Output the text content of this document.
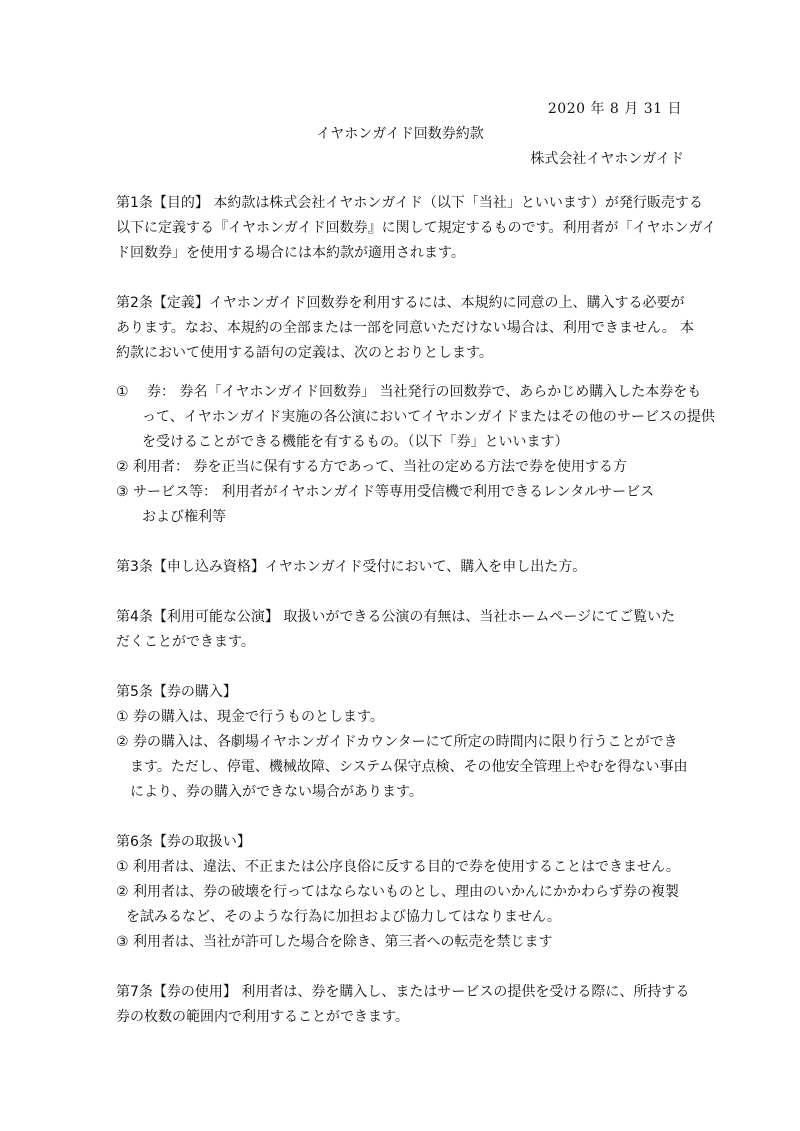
2020 年 8 月 31 日
イヤホンガイド回数券約款
株式会社イヤホンガイド
第1条【目的】 本約款は株式会社イヤホンガイド（以下「当社」といいます）が発行販売する
以下に定義する『イヤホンガイド回数券』に関して規定するものです。利用者が「イヤホンガイ
ド回数券」を使用する場合には本約款が適用されます。
第2条【定義】イヤホンガイド回数券を利用するには、本規約に同意の上、購入する必要が
あります。なお、本規約の全部または一部を同意いただけない場合は、利用できません。 本
約款において使用する語句の定義は、次のとおりとします。
①　 券： 券名「イヤホンガイド回数券」 当社発行の回数券で、あらかじめ購入した本券をも
って、イヤホンガイド実施の各公演においてイヤホンガイドまたはその他のサービスの提供
を受けることができる機能を有するもの。（以下「券」といいます）
② 利用者： 券を正当に保有する方であって、当社の定める方法で券を使用する方
③ サービス等： 利用者がイヤホンガイド等専用受信機で利用できるレンタルサービス
および権利等
第3条【申し込み資格】イヤホンガイド受付において、購入を申し出た方。
第4条【利用可能な公演】 取扱いができる公演の有無は、当社ホームページにてご覧いた
だくことができます。
第5条【券の購入】
① 券の購入は、現金で行うものとします。
② 券の購入は、各劇場イヤホンガイドカウンターにて所定の時間内に限り行うことができ
ます。ただし、停電、機械故障、システム保守点検、その他安全管理上やむを得ない事由
により、券の購入ができない場合があります。
第6条【券の取扱い】
① 利用者は、違法、不正または公序良俗に反する目的で券を使用することはできません。
② 利用者は、券の破壊を行ってはならないものとし、理由のいかんにかかわらず券の複製
を試みるなど、そのような行為に加担および協力してはなりません。
③ 利用者は、当社が許可した場合を除き、第三者への転売を禁じます
第7条【券の使用】 利用者は、券を購入し、またはサービスの提供を受ける際に、所持する
券の枚数の範囲内で利用することができます。
